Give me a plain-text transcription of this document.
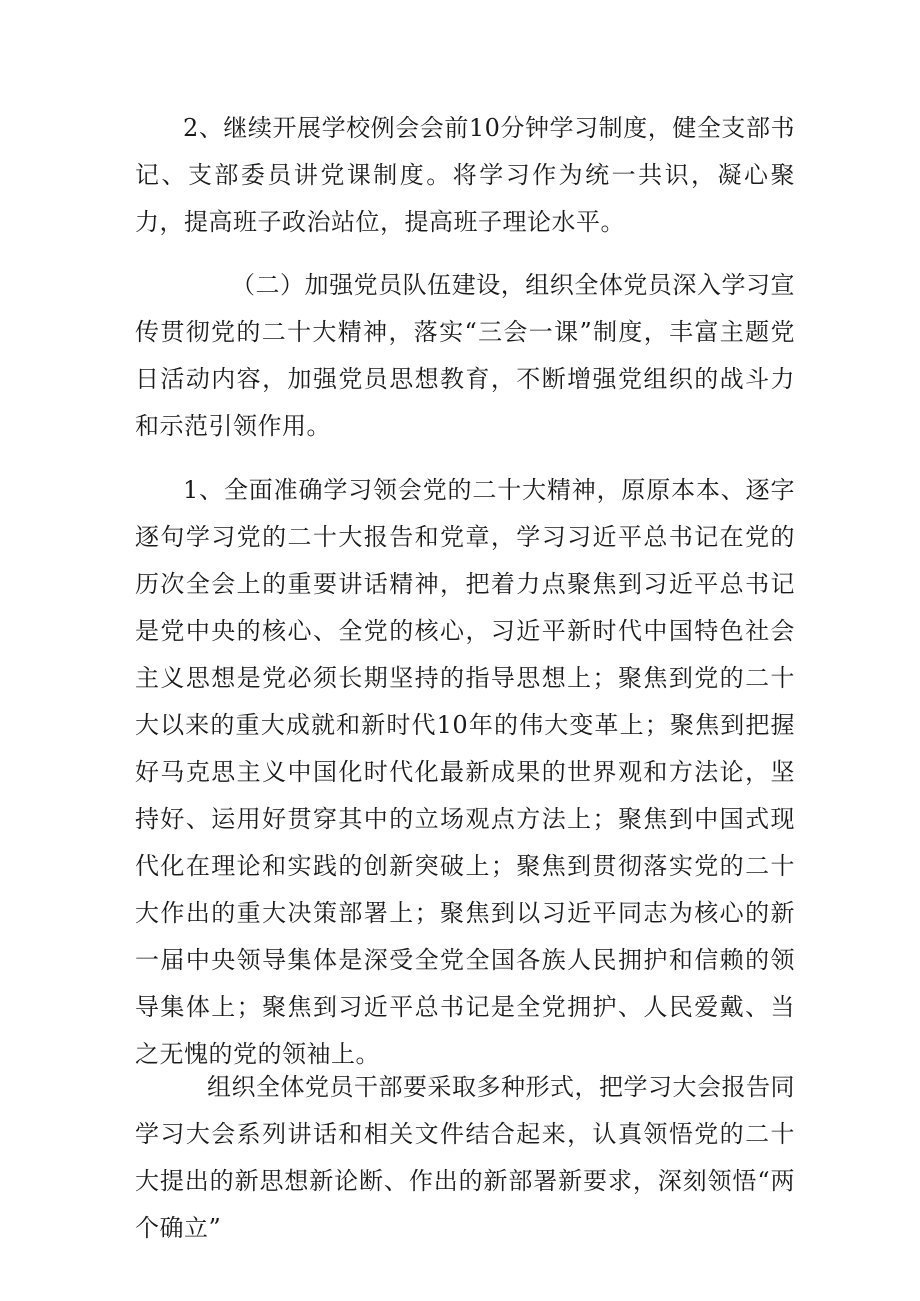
2、继续开展学校例会会前10分钟学习制度，健全支部书记、支部委员讲党课制度。将学习作为统一共识，凝心聚力，提高班子政治站位，提高班子理论水平。

（二）加强党员队伍建设，组织全体党员深入学习宣传贯彻党的二十大精神，落实“三会一课”制度，丰富主题党日活动内容，加强党员思想教育，不断增强党组织的战斗力和示范引领作用。

1、全面准确学习领会党的二十大精神，原原本本、逐字逐句学习党的二十大报告和党章，学习习近平总书记在党的历次全会上的重要讲话精神，把着力点聚焦到习近平总书记是党中央的核心、全党的核心，习近平新时代中国特色社会主义思想是党必须长期坚持的指导思想上；聚焦到党的二十大以来的重大成就和新时代10年的伟大变革上；聚焦到把握好马克思主义中国化时代化最新成果的世界观和方法论，坚持好、运用好贯穿其中的立场观点方法上；聚焦到中国式现代化在理论和实践的创新突破上；聚焦到贯彻落实党的二十大作出的重大决策部署上；聚焦到以习近平同志为核心的新一届中央领导集体是深受全党全国各族人民拥护和信赖的领导集体上；聚焦到习近平总书记是全党拥护、人民爱戴、当之无愧的党的领袖上。

组织全体党员干部要采取多种形式，把学习大会报告同学习大会系列讲话和相关文件结合起来，认真领悟党的二十大提出的新思想新论断、作出的新部署新要求，深刻领悟“两个确立”
